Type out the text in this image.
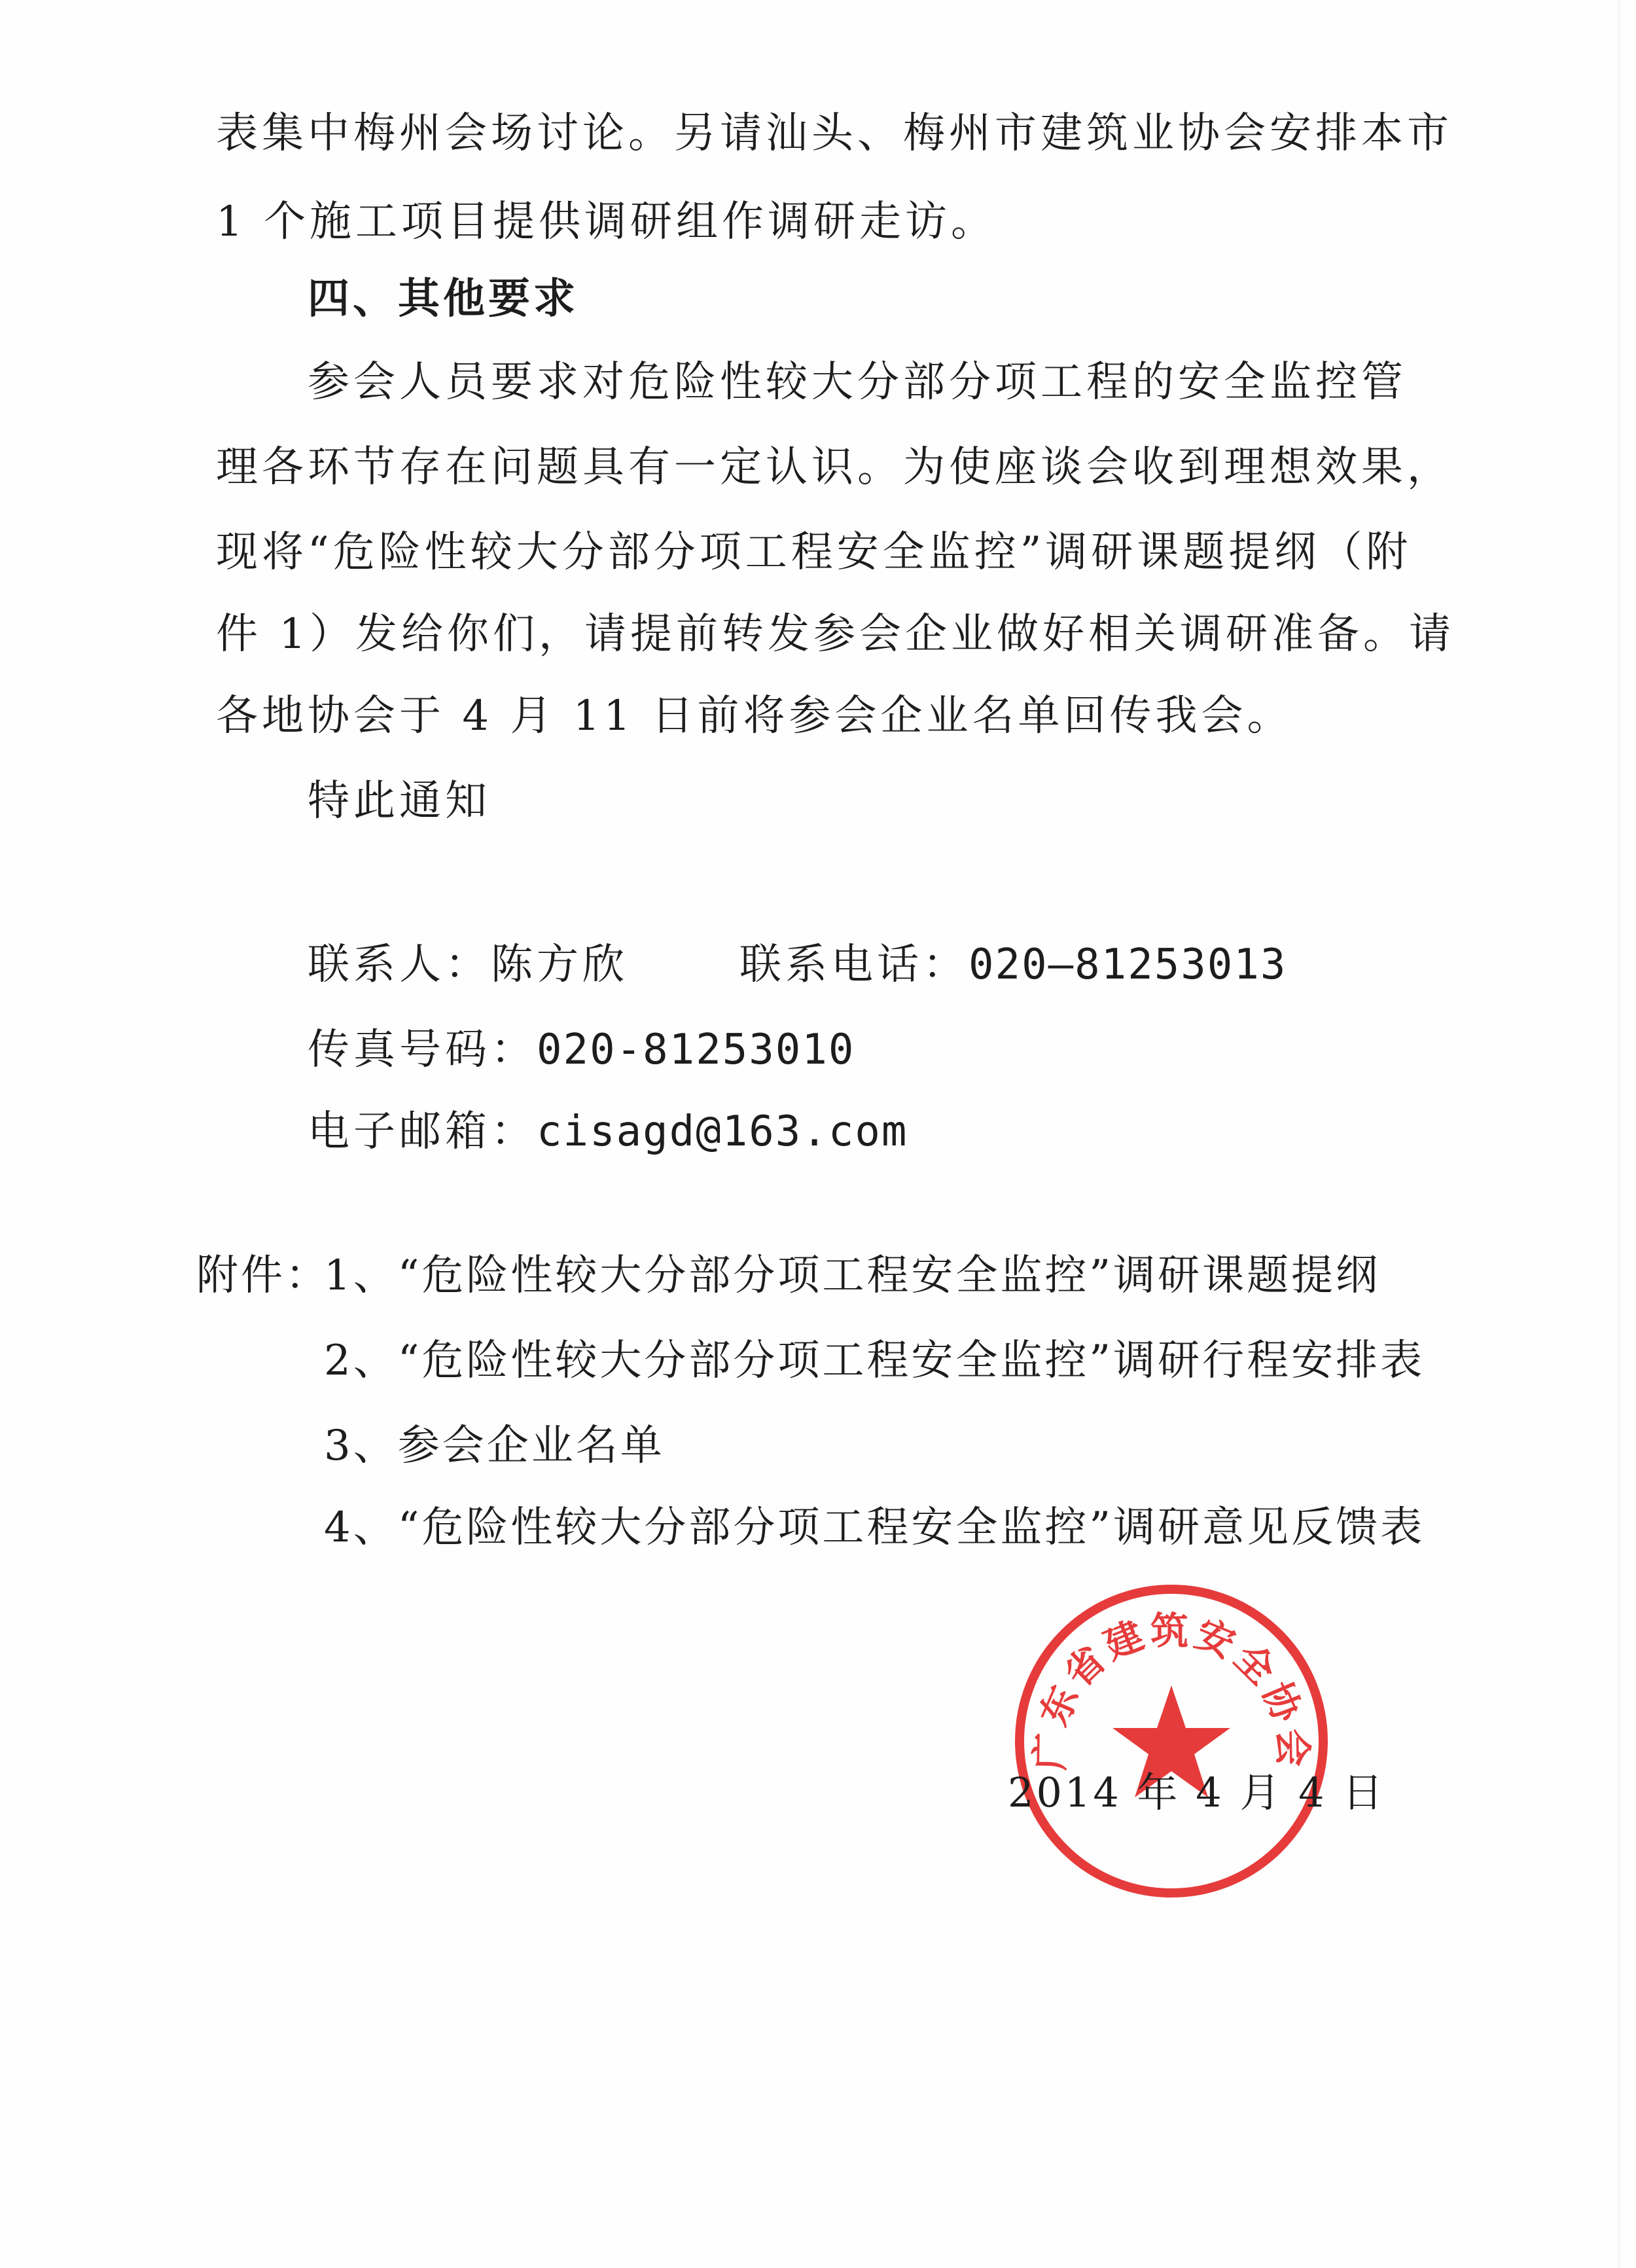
表集中梅州会场讨论。另请汕头、梅州市建筑业协会安排本市
1 个施工项目提供调研组作调研走访。
四、其他要求
参会人员要求对危险性较大分部分项工程的安全监控管
理各环节存在问题具有一定认识。为使座谈会收到理想效果，
现将“危险性较大分部分项工程安全监控”调研课题提纲（附
件 1）发给你们，请提前转发参会企业做好相关调研准备。请
各地协会于 4 月 11 日前将参会企业名单回传我会。
特此通知
联系人：陈方欣	联系电话：020—81253013
传真号码：020-81253010
电子邮箱：cisagd@163.com
附件：
1、“危险性较大分部分项工程安全监控”调研课题提纲
2、“危险性较大分部分项工程安全监控”调研行程安排表
3、参会企业名单
4、“危险性较大分部分项工程安全监控”调研意见反馈表
广东省建筑安全协会
2014 年 4 月 4 日
